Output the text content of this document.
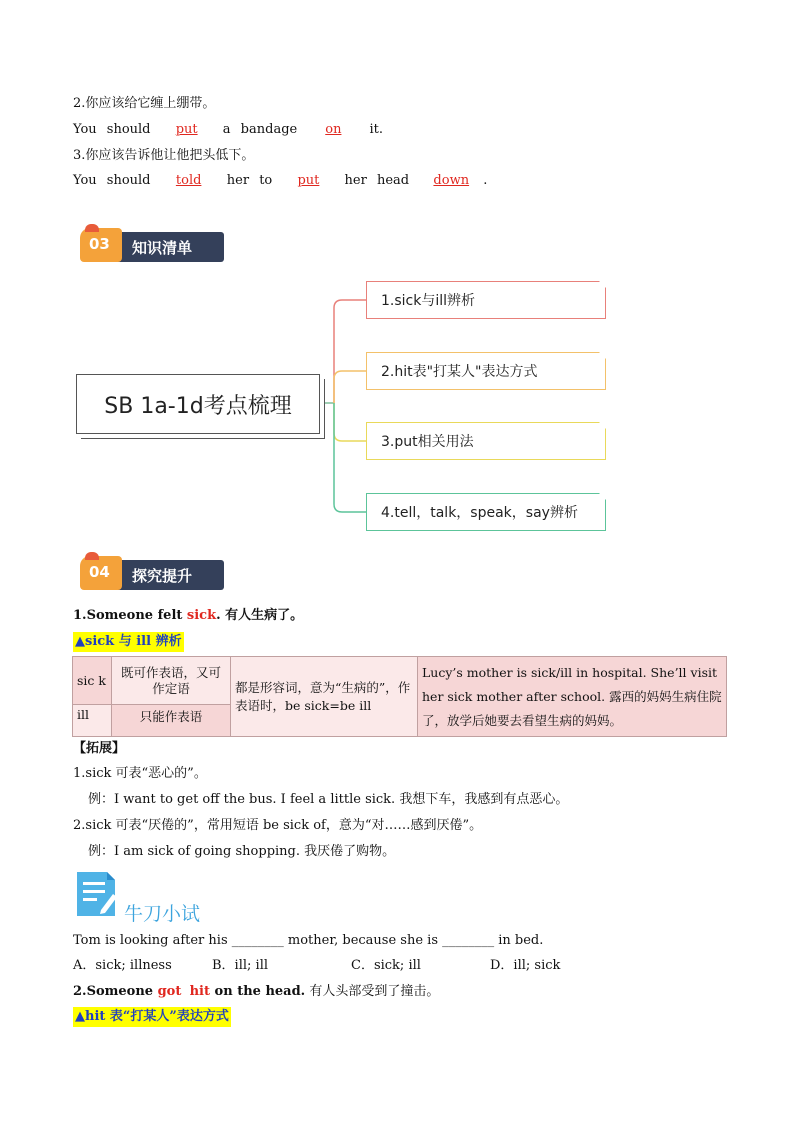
2.你应该给它缠上绷带。
You should put a bandage on it.
3.你应该告诉他让他把头低下。
You should told her to put her head down .
知识清单
03
SB 1a-1d考点梳理
1.sick与ill辨析
2.hit表"打某人"表达方式
3.put相关用法
4.tell，talk，speak，say辨析
探究提升
04
1.Someone felt sick. 有人生病了。
▲sick 与 ill 辨析
sic k	既可作表语，又可作定语	都是形容词，意为“生病的”，作表语时，be sick=be ill	Lucy’s mother is sick/ill in hospital. She’ll visit her sick mother after school. 露西的妈妈生病住院了，放学后她要去看望生病的妈妈。
ill	只能作表语		
【拓展】
1.sick 可表“恶心的”。
例：I want to get off the bus. I feel a little sick. 我想下车，我感到有点恶心。
2.sick 可表“厌倦的”，常用短语 be sick of，意为“对……感到厌倦”。
例：I am sick of going shopping. 我厌倦了购物。
牛刀小试
Tom is looking after his ________ mother, because she is ________ in bed.
A．sick; illness	B．ill; ill	C．sick; ill	D．ill; sick
2.Someone got hit on the head. 有人头部受到了撞击。
▲hit 表“打某人”表达方式
